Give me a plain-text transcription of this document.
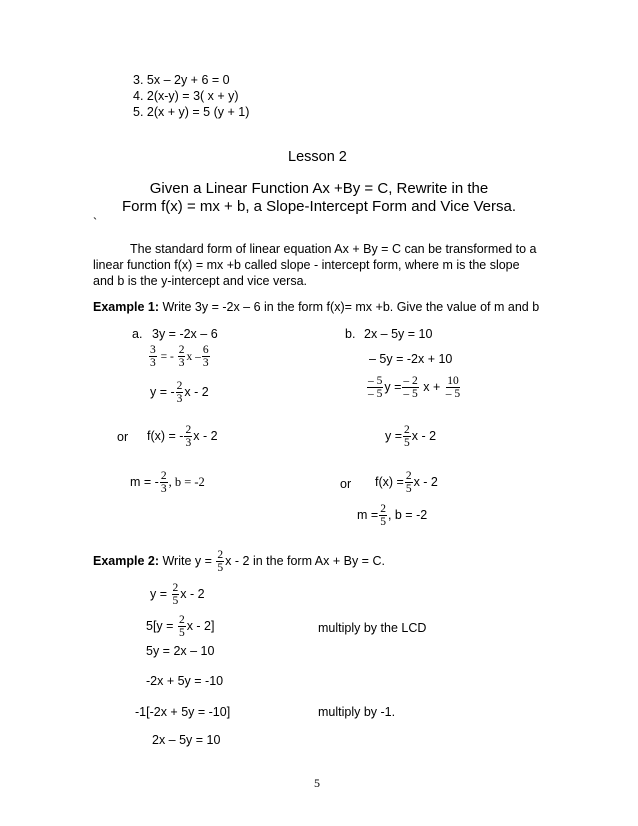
3. 5x – 2y + 6 = 0
4. 2(x-y) = 3( x + y)
5. 2(x + y) = 5 (y + 1)
Lesson 2
Given a Linear Function Ax +By = C, Rewrite in the
Form f(x) = mx + b, a Slope-Intercept Form and Vice Versa.
`
The standard form of linear equation Ax + By = C can be transformed to a
linear function f(x) = mx +b called slope - intercept form, where m is the slope
and b is the y-intercept and vice versa.
Example 1: Write 3y = -2x – 6 in the form f(x)= mx +b. Give the value of m and b
a. 3y = -2x – 6
$\frac{3}{3}$ = - $\frac{2}{3}$ x – $\frac{6}{3}$
y = - $\frac{2}{3}$ x - 2
or f(x) = - $\frac{2}{3}$ x - 2
m = - $\frac{2}{3}$ , b = -2
b. 2x – 5y = 10
– 5y = -2x + 10
$\frac{- 5}{- 5}$ $y = \frac{- 2}{- 5}$ $x + \frac{10}{- 5}$
$y = \frac{2}{5}$ x - 2
or $f(x) = \frac{2}{5}$ x - 2
$m = \frac{2}{5}$ , b = -2
Example 2: Write $y = \frac{2}{5}$ x - 2 in the form Ax + By = C.
$y = \frac{2}{5}$ x - 2
$5[y = \frac{2}{5}$ x - 2]	multiply by the LCD
5y = 2x – 10
-2x + 5y = -10
-1[-2x + 5y = -10]	multiply by -1.
2x – 5y = 10
5
